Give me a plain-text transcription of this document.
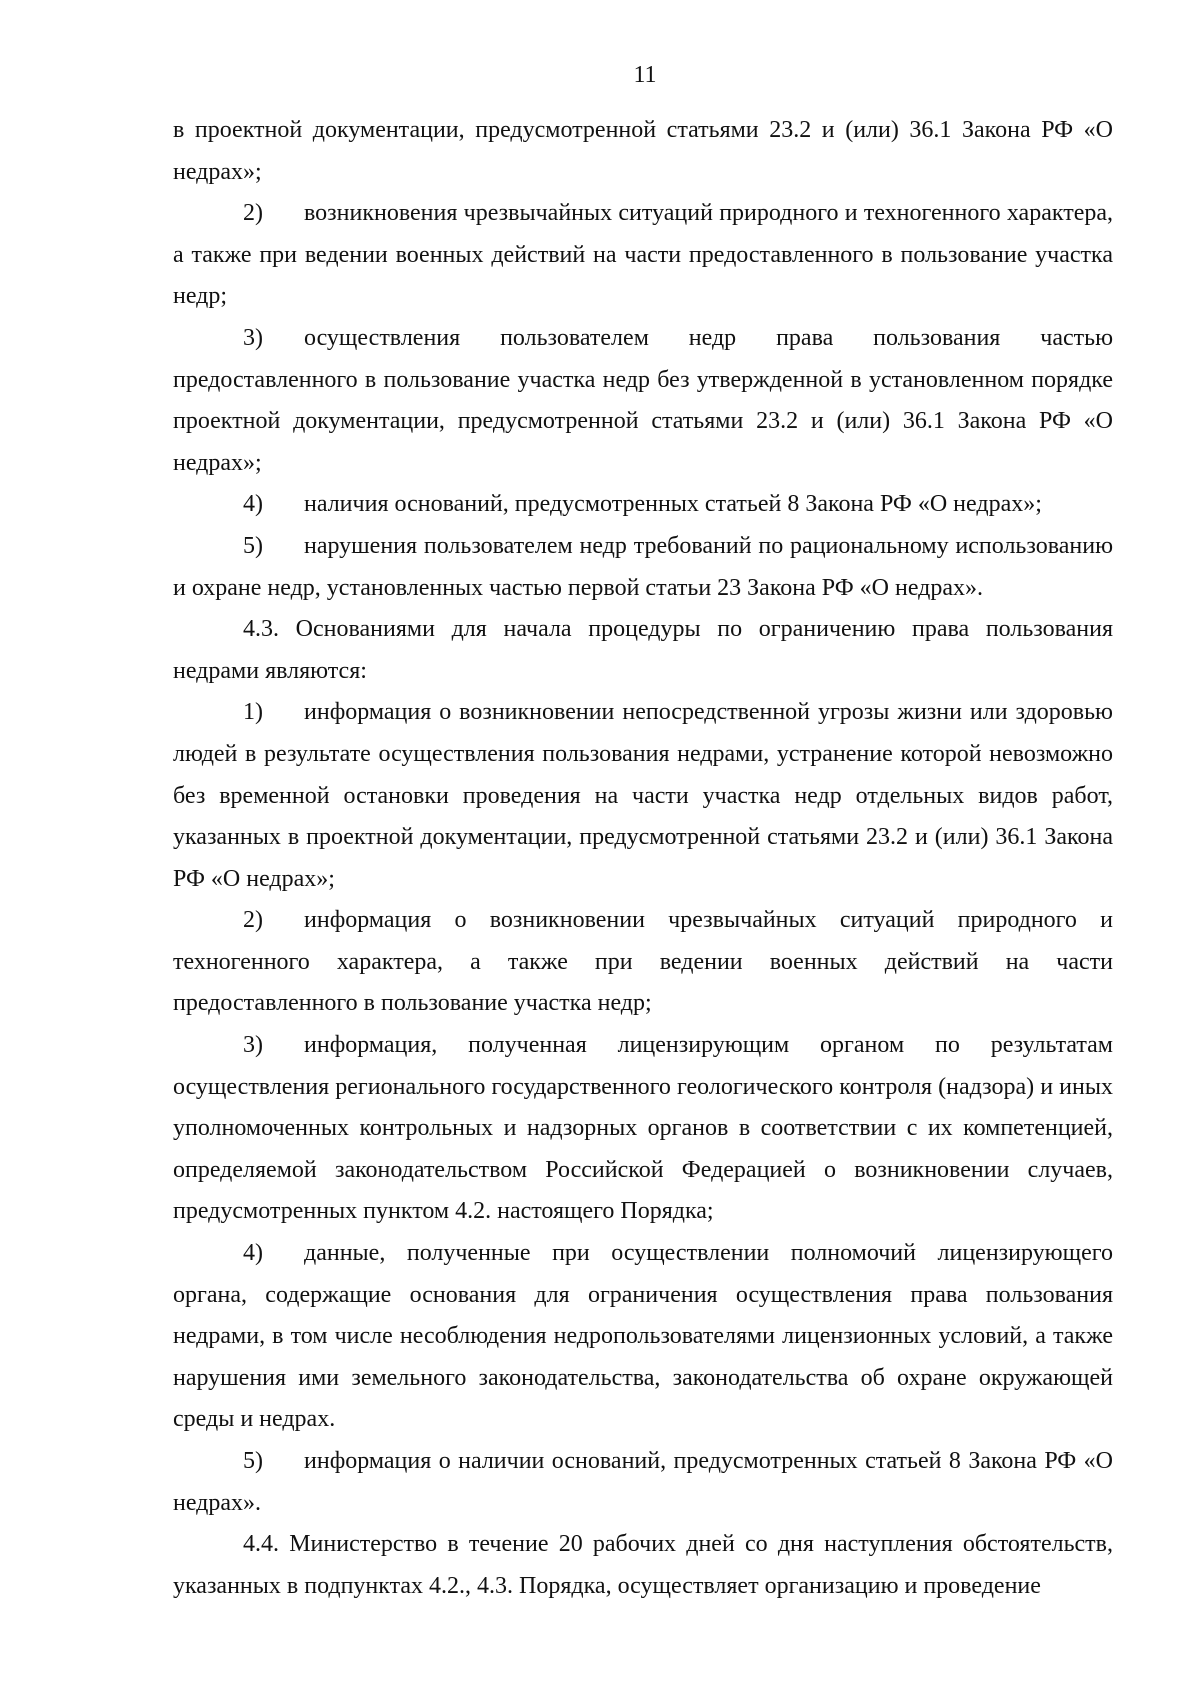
11

в проектной документации, предусмотренной статьями 23.2 и (или) 36.1 Закона РФ «О недрах»;

2) возникновения чрезвычайных ситуаций природного и техногенного характера, а также при ведении военных действий на части предоставленного в пользование участка недр;

3) осуществления пользователем недр права пользования частью предоставленного в пользование участка недр без утвержденной в установленном порядке проектной документации, предусмотренной статьями 23.2 и (или) 36.1 Закона РФ «О недрах»;

4) наличия оснований, предусмотренных статьей 8 Закона РФ «О недрах»;

5) нарушения пользователем недр требований по рациональному использованию и охране недр, установленных частью первой статьи 23 Закона РФ «О недрах».

4.3. Основаниями для начала процедуры по ограничению права пользования недрами являются:

1) информация о возникновении непосредственной угрозы жизни или здоровью людей в результате осуществления пользования недрами, устранение которой невозможно без временной остановки проведения на части участка недр отдельных видов работ, указанных в проектной документации, предусмотренной статьями 23.2 и (или) 36.1 Закона РФ «О недрах»;

2) информация о возникновении чрезвычайных ситуаций природного и техногенного характера, а также при ведении военных действий на части предоставленного в пользование участка недр;

3) информация, полученная лицензирующим органом по результатам осуществления регионального государственного геологического контроля (надзора) и иных уполномоченных контрольных и надзорных органов в соответствии с их компетенцией, определяемой законодательством Российской Федерацией о возникновении случаев, предусмотренных пунктом 4.2. настоящего Порядка;

4) данные, полученные при осуществлении полномочий лицензирующего органа, содержащие основания для ограничения осуществления права пользования недрами, в том числе несоблюдения недропользователями лицензионных условий, а также нарушения ими земельного законодательства, законодательства об охране окружающей среды и недрах.

5) информация о наличии оснований, предусмотренных статьей 8 Закона РФ «О недрах».

4.4. Министерство в течение 20 рабочих дней со дня наступления обстоятельств, указанных в подпунктах 4.2., 4.3. Порядка, осуществляет организацию и проведение
